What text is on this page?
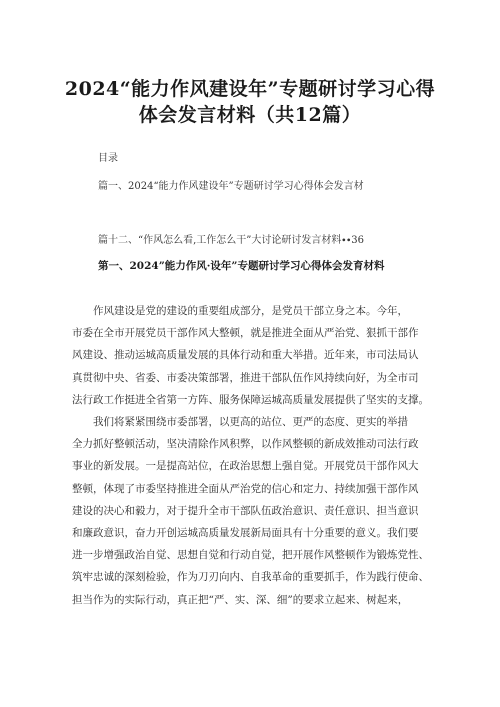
2024“能力作风建设年”专题研讨学习心得
体会发言材料（共12篇）
目录
篇一、2024“能力作风建设年”专题研讨学习心得体会发言材
篇十二、“作风怎么看,工作怎么干”大讨论研讨发言材料∙∙36
第一、2024”能力作风·设年”专题研讨学习心得体会发育材料

作风建设是党的建设的重要组成部分，是党员干部立身之本。今年，
市委在全市开展党员干部作风大整顿，就是推进全面从严治党、狠抓干部作
风建设、推动运城高质量发展的具体行动和重大举措。近年来，市司法局认
真贯彻中央、省委、市委决策部署，推进干部队伍作风持续向好，为全市司
法行政工作挺进全省第一方阵、服务保障运城高质量发展提供了坚实的支撑。

我们将紧紧围绕市委部署，以更高的站位、更严的态度、更实的举措
全力抓好整顿活动，坚决清除作风积弊，以作风整顿的新成效推动司法行政
事业的新发展。一是提高站位，在政治思想上强自觉。开展党员干部作风大
整顿，体现了市委坚持推进全面从严治党的信心和定力、持续加强干部作风
建设的决心和毅力，对于提升全市干部队伍政治意识、责任意识、担当意识
和廉政意识，奋力开创运城高质量发展新局面具有十分重要的意义。我们要
进一步增强政治自觉、思想自觉和行动自觉，把开展作风整顿作为锻炼党性、
筑牢忠诚的深刻检验，作为刀刃向内、自我革命的重要抓手，作为践行使命、
担当作为的实际行动，真正把“严、实、深、细”的要求立起来、树起来，
